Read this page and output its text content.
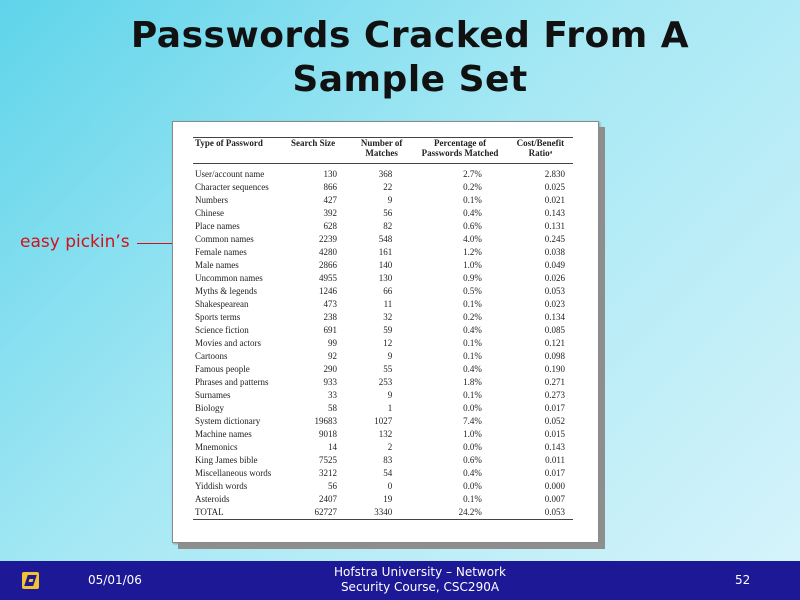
Passwords Cracked From A
Sample Set
easy pickin’s
Type of Password	Search Size	Number of Matches	Percentage of Passwords Matched	Cost/Benefit Ratioᵃ
User/account name	130	368	2.7%	2.830
Character sequences	866	22	0.2%	0.025
Numbers	427	9	0.1%	0.021
Chinese	392	56	0.4%	0.143
Place names	628	82	0.6%	0.131
Common names	2239	548	4.0%	0.245
Female names	4280	161	1.2%	0.038
Male names	2866	140	1.0%	0.049
Uncommon names	4955	130	0.9%	0.026
Myths & legends	1246	66	0.5%	0.053
Shakespearean	473	11	0.1%	0.023
Sports terms	238	32	0.2%	0.134
Science fiction	691	59	0.4%	0.085
Movies and actors	99	12	0.1%	0.121
Cartoons	92	9	0.1%	0.098
Famous people	290	55	0.4%	0.190
Phrases and patterns	933	253	1.8%	0.271
Surnames	33	9	0.1%	0.273
Biology	58	1	0.0%	0.017
System dictionary	19683	1027	7.4%	0.052
Machine names	9018	132	1.0%	0.015
Mnemonics	14	2	0.0%	0.143
King James bible	7525	83	0.6%	0.011
Miscellaneous words	3212	54	0.4%	0.017
Yiddish words	56	0	0.0%	0.000
Asteroids	2407	19	0.1%	0.007
TOTAL	62727	3340	24.2%	0.053
05/01/06
Hofstra University – Network
Security Course, CSC290A	52
